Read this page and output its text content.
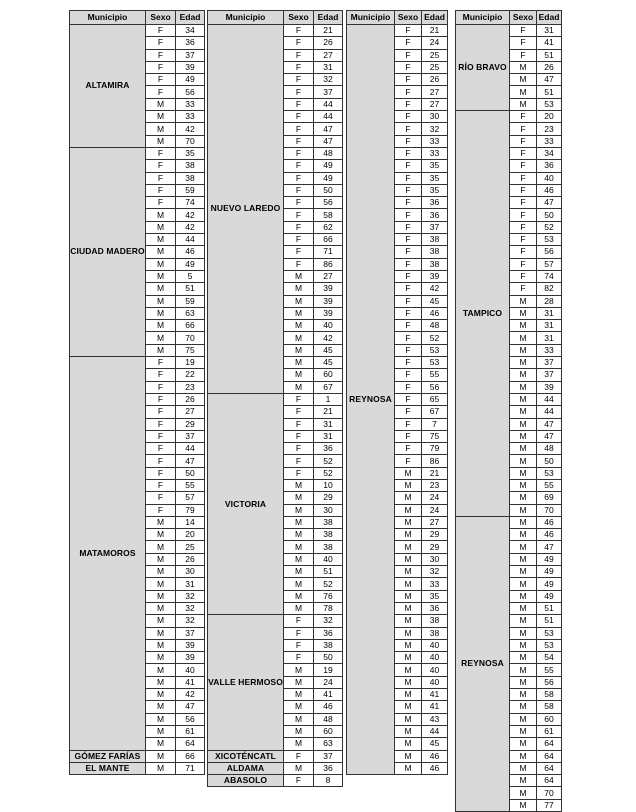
Municipio	Sexo	Edad
ALTAMIRA	F	34
	F	36
	F	37
	F	39
	F	49
	F	56
	M	33
	M	33
	M	42
	M	70
CIUDAD MADERO	F	35
	F	38
	F	38
	F	59
	F	74
	M	42
	M	42
	M	44
	M	46
	M	49
	M	5
	M	51
	M	59
	M	63
	M	66
	M	70
	M	75
MATAMOROS	F	19
	F	22
	F	23
	F	26
	F	27
	F	29
	F	37
	F	44
	F	47
	F	50
	F	55
	F	57
	F	79
	M	14
	M	20
	M	25
	M	26
	M	30
	M	31
	M	32
	M	32
	M	32
	M	37
	M	39
	M	39
	M	40
	M	41
	M	42
	M	47
	M	56
	M	61
	M	64
GÓMEZ FARÍAS	M	66
EL MANTE	M	71
Municipio	Sexo	Edad
NUEVO LAREDO	F	21
	F	26
	F	27
	F	31
	F	32
	F	37
	F	44
	F	44
	F	47
	F	47
	F	48
	F	49
	F	49
	F	50
	F	56
	F	58
	F	62
	F	66
	F	71
	F	86
	M	27
	M	39
	M	39
	M	39
	M	40
	M	42
	M	45
	M	45
	M	60
	M	67
VICTORIA	F	1
	F	21
	F	31
	F	31
	F	36
	F	52
	F	52
	M	10
	M	29
	M	30
	M	38
	M	38
	M	38
	M	40
	M	51
	M	52
	M	76
	M	78
VALLE HERMOSO	F	32
	F	36
	F	38
	F	50
	M	19
	M	24
	M	41
	M	46
	M	48
	M	60
	M	63
XICOTÉNCATL	F	37
ALDAMA	M	36
ABASOLO	F	8
Municipio	Sexo	Edad
REYNOSA	F	21
	F	24
	F	25
	F	25
	F	26
	F	27
	F	27
	F	30
	F	32
	F	33
	F	33
	F	35
	F	35
	F	35
	F	36
	F	36
	F	37
	F	38
	F	38
	F	38
	F	39
	F	42
	F	45
	F	46
	F	48
	F	52
	F	53
	F	53
	F	55
	F	56
	F	65
	F	67
	F	7
	F	75
	F	79
	F	86
	M	21
	M	23
	M	24
	M	24
	M	27
	M	29
	M	29
	M	30
	M	32
	M	33
	M	35
	M	36
	M	38
	M	38
	M	40
	M	40
	M	40
	M	40
	M	41
	M	41
	M	43
	M	44
	M	45
	M	46
	M	46
Municipio	Sexo	Edad
RÍO BRAVO	F	31
	F	41
	F	51
	M	26
	M	47
	M	51
	M	53
TAMPICO	F	20
	F	23
	F	33
	F	34
	F	36
	F	40
	F	46
	F	47
	F	50
	F	52
	F	53
	F	56
	F	57
	F	74
	F	82
	M	28
	M	31
	M	31
	M	31
	M	33
	M	37
	M	37
	M	39
	M	44
	M	44
	M	47
	M	47
	M	48
	M	50
	M	53
	M	55
	M	69
	M	70
REYNOSA	M	46
	M	46
	M	47
	M	49
	M	49
	M	49
	M	49
	M	51
	M	51
	M	53
	M	53
	M	54
	M	55
	M	56
	M	58
	M	58
	M	60
	M	61
	M	64
	M	64
	M	64
	M	64
	M	70
	M	77
